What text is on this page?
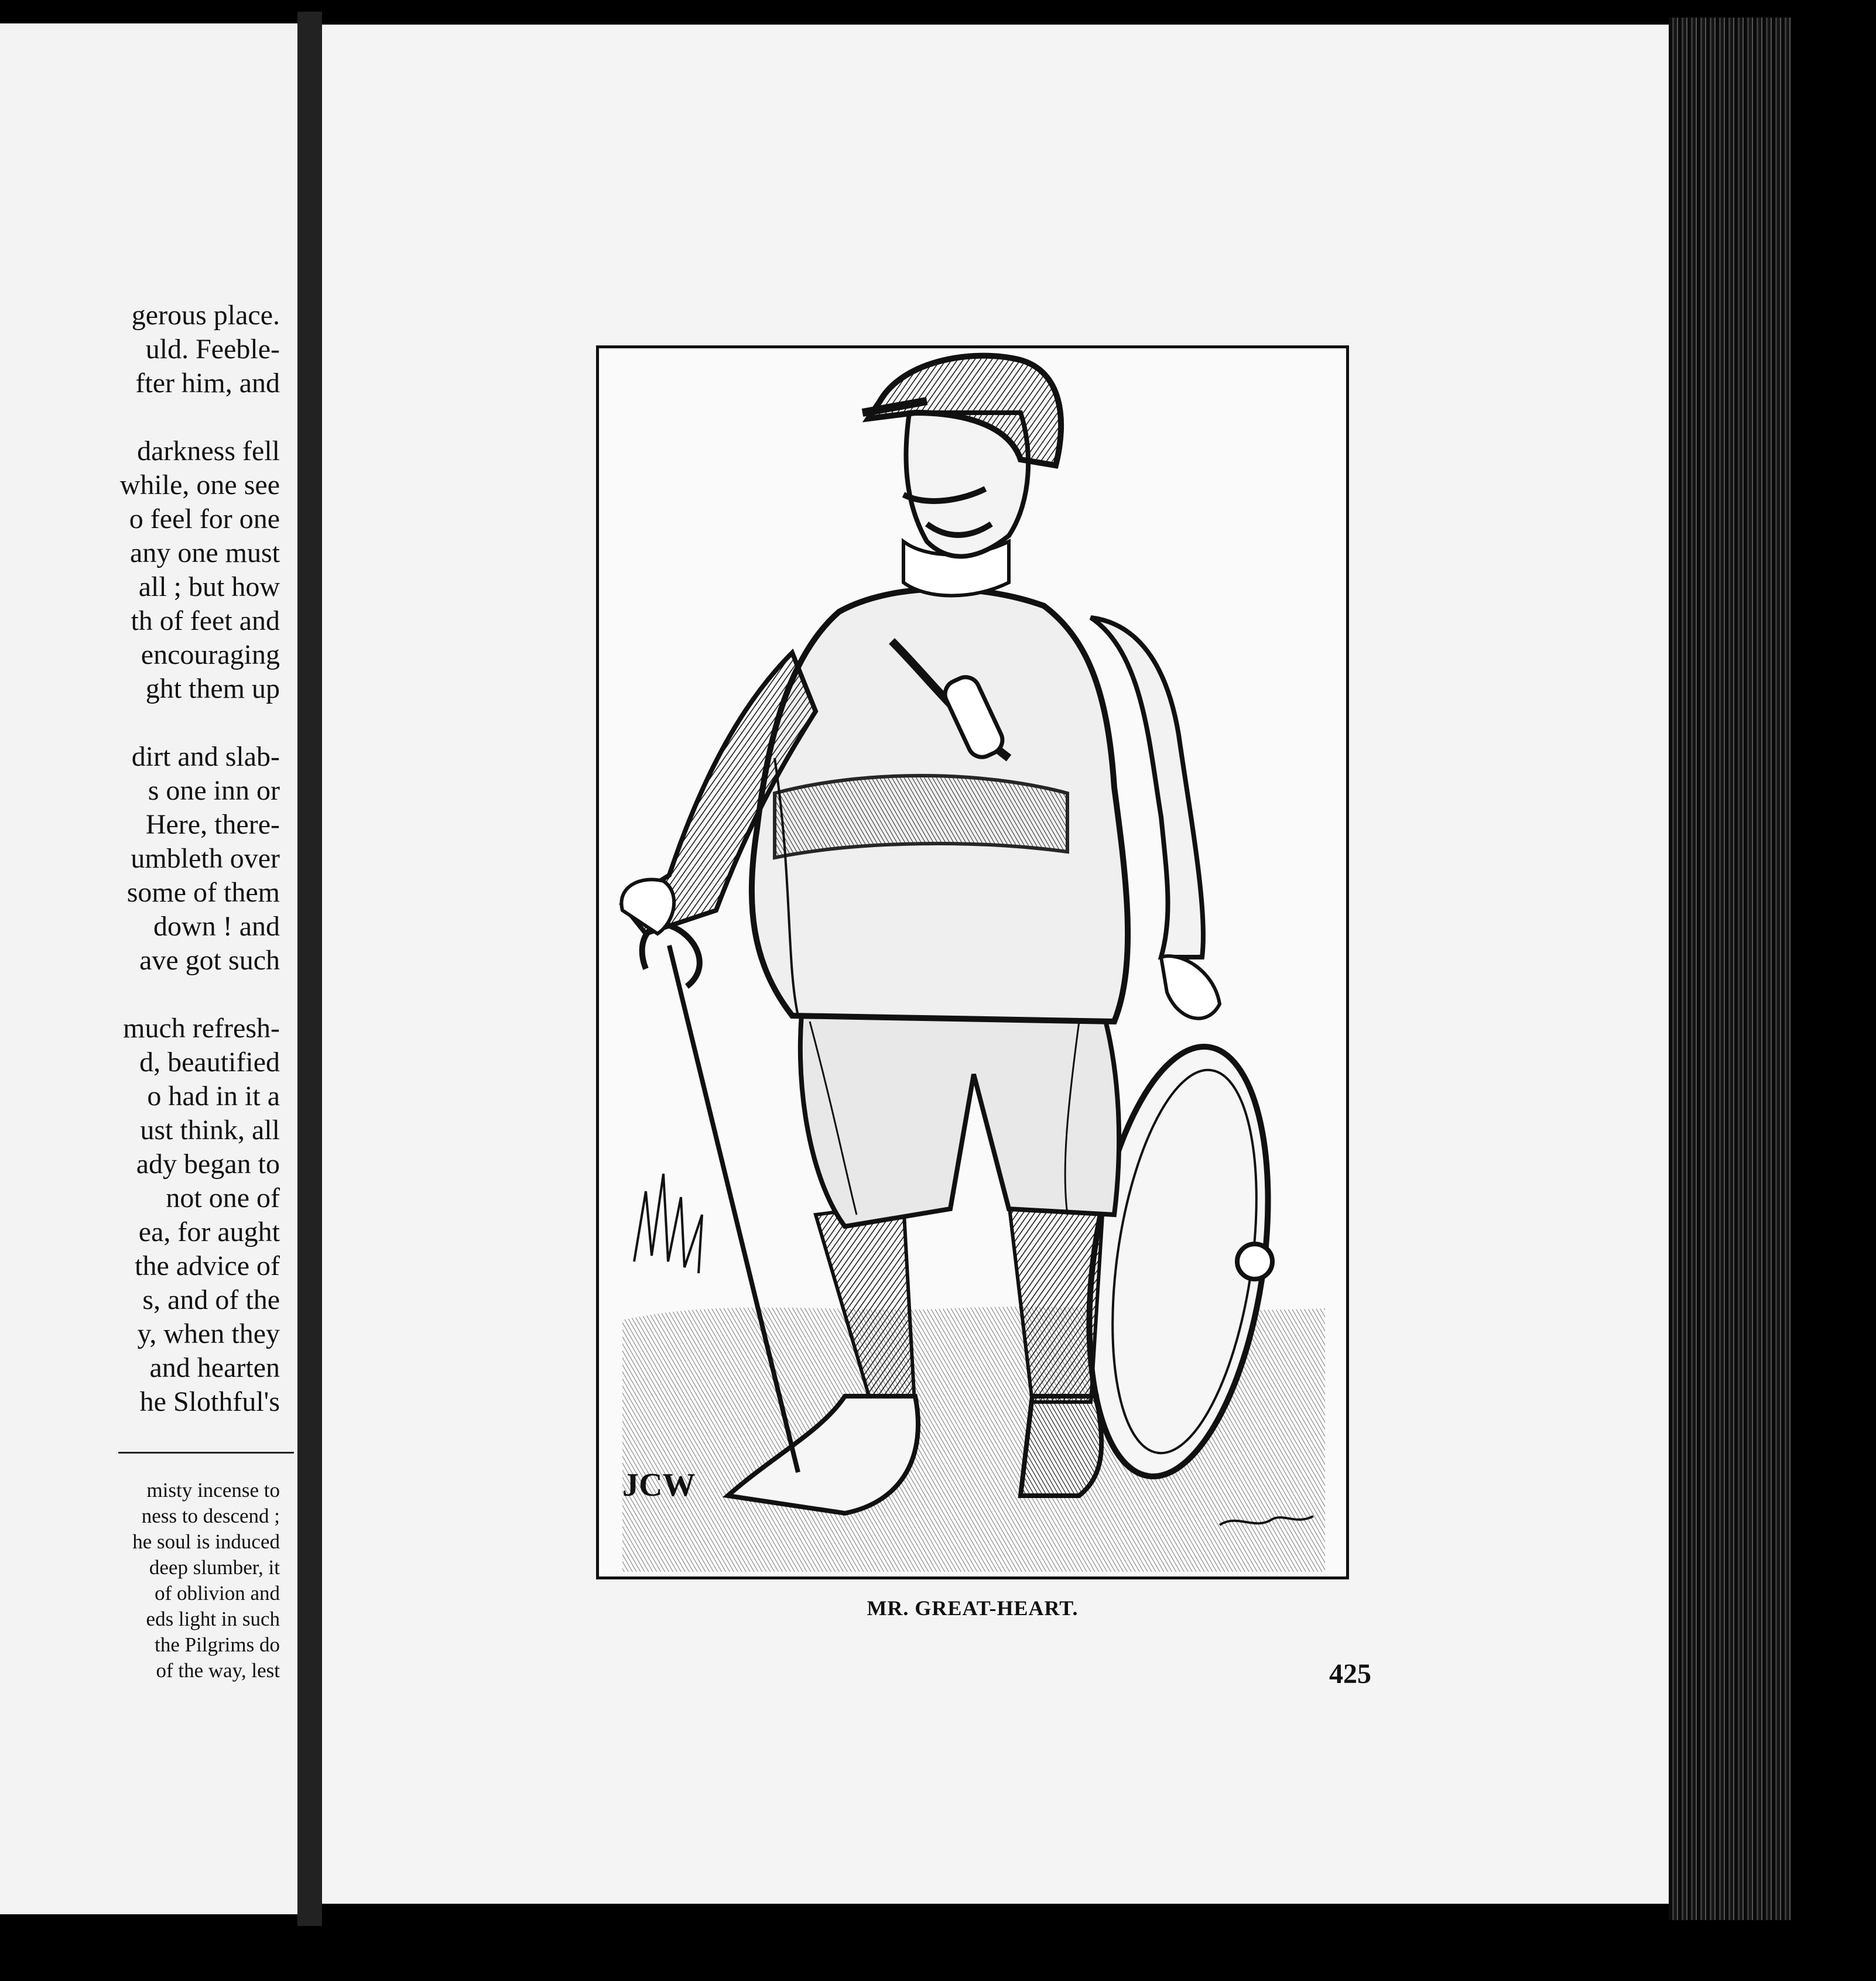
gerous place.
uld. Feeble-
fter him, and
darkness fell
while, one see
o feel for one
any one must
all ; but how
th of feet and
encouraging
ght them up
dirt and slab-
s one inn or
Here, there-
umbleth over
some of them
down ! and
ave got such
much refresh-
d, beautified
o had in it a
ust think, all
ady began to
not one of
ea, for aught
the advice of
s, and of the
y, when they
and hearten
he Slothful's
misty incense to
ness to descend ;
he soul is induced
deep slumber, it
of oblivion and
eds light in such
the Pilgrims do
of the way, lest
JCW
MR. GREAT-HEART.
425
